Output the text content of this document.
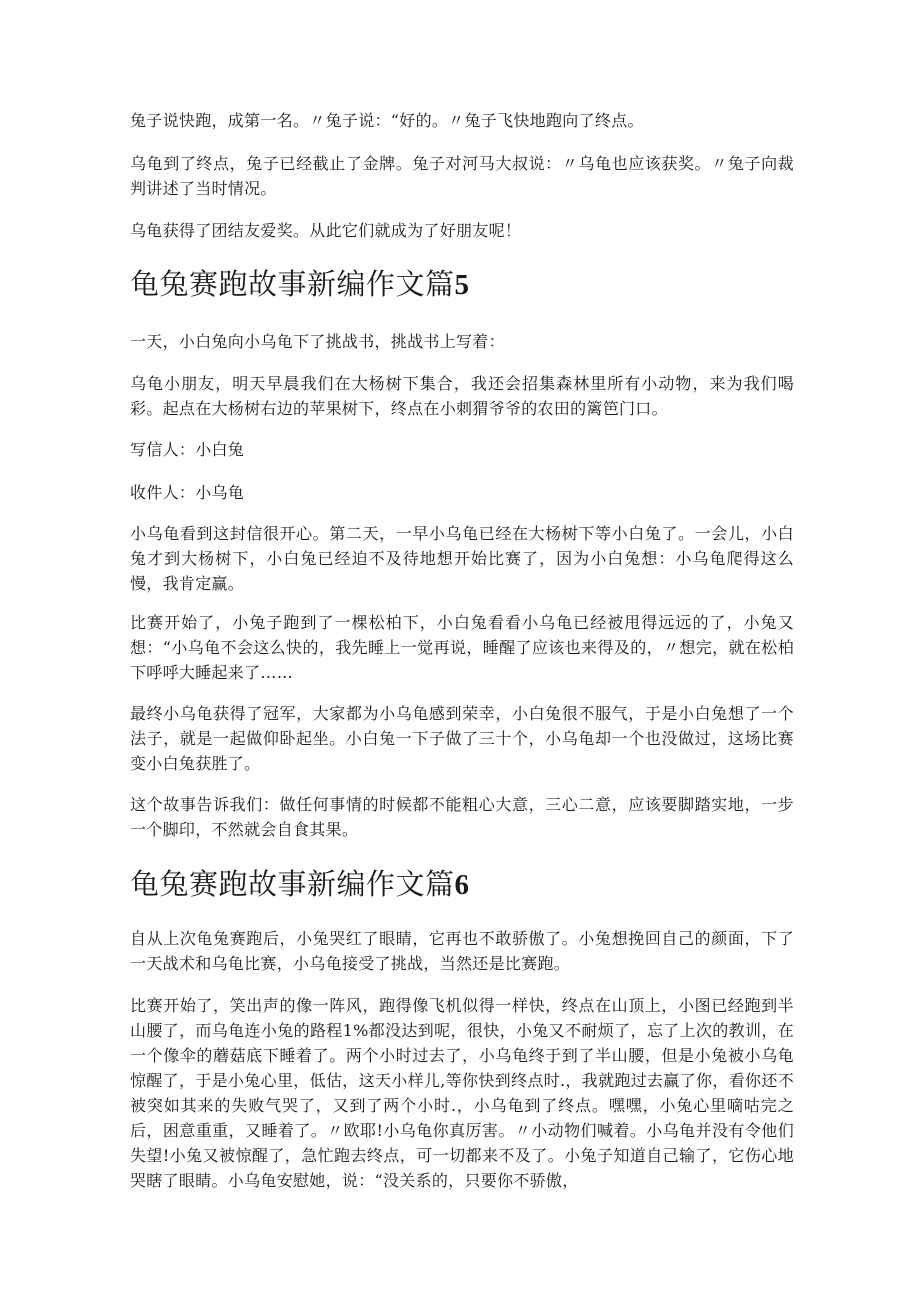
兔子说快跑，成第一名。〃兔子说：“好的。〃兔子飞快地跑向了终点。

乌龟到了终点，兔子已经截止了金牌。兔子对河马大叔说：〃乌龟也应该获奖。〃兔子向裁判讲述了当时情况。

乌龟获得了团结友爱奖。从此它们就成为了好朋友呢！

龟兔赛跑故事新编作文篇5

一天，小白兔向小乌龟下了挑战书，挑战书上写着：

乌龟小朋友，明天早晨我们在大杨树下集合，我还会招集森林里所有小动物，来为我们喝彩。起点在大杨树右边的苹果树下，终点在小刺猬爷爷的农田的篱笆门口。

写信人：小白兔

收件人：小乌龟

小乌龟看到这封信很开心。第二天，一早小乌龟已经在大杨树下等小白兔了。一会儿，小白兔才到大杨树下，小白兔已经迫不及待地想开始比赛了，因为小白兔想：小乌龟爬得这么慢，我肯定赢。

比赛开始了，小兔子跑到了一棵松柏下，小白兔看看小乌龟已经被甩得远远的了，小兔又想：“小乌龟不会这么快的，我先睡上一觉再说，睡醒了应该也来得及的，〃想完，就在松柏下呼呼大睡起来了……

最终小乌龟获得了冠军，大家都为小乌龟感到荣幸，小白兔很不服气，于是小白兔想了一个法子，就是一起做仰卧起坐。小白兔一下子做了三十个，小乌龟却一个也没做过，这场比赛变小白兔获胜了。

这个故事告诉我们：做任何事情的时候都不能粗心大意，三心二意，应该要脚踏实地，一步一个脚印，不然就会自食其果。

龟兔赛跑故事新编作文篇6

自从上次龟兔赛跑后，小兔哭红了眼睛，它再也不敢骄傲了。小兔想挽回自己的颜面，下了一天战术和乌龟比赛，小乌龟接受了挑战，当然还是比赛跑。

比赛开始了，笑出声的像一阵风，跑得像飞机似得一样快，终点在山顶上，小图已经跑到半山腰了，而乌龟连小兔的路程1%都没达到呢，很快，小兔又不耐烦了，忘了上次的教训，在一个像伞的蘑菇底下睡着了。两个小时过去了，小乌龟终于到了半山腰，但是小兔被小乌龟惊醒了，于是小兔心里，低估，这天小样儿,等你快到终点时.，我就跑过去赢了你，看你还不被突如其来的失败气哭了，又到了两个小时.，小乌龟到了终点。嘿嘿，小兔心里嘀咕完之后，困意重重，又睡着了。〃欧耶!小乌龟你真厉害。〃小动物们喊着。小乌龟并没有令他们失望!小兔又被惊醒了，急忙跑去终点，可一切都来不及了。小兔子知道自己输了，它伤心地哭瞎了眼睛。小乌龟安慰她，说：“没关系的，只要你不骄傲，
